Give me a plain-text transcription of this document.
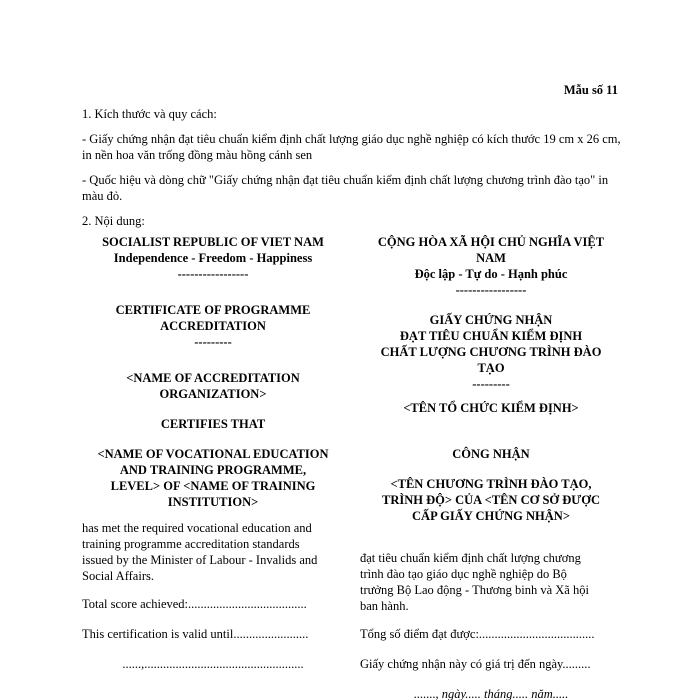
Mẫu số 11

1. Kích thước và quy cách:

- Giấy chứng nhận đạt tiêu chuẩn kiểm định chất lượng giáo dục nghề nghiệp có kích thước 19 cm x 26 cm, in nền hoa văn trống đồng màu hồng cánh sen

- Quốc hiệu và dòng chữ "Giấy chứng nhận đạt tiêu chuẩn kiểm định chất lượng chương trình đào tạo" in màu đỏ.

2. Nội dung:

SOCIALIST REPUBLIC OF VIET NAM
Independence - Freedom - Happiness
-----------------
CERTIFICATE OF PROGRAMME
ACCREDITATION
---------
<NAME OF ACCREDITATION
ORGANIZATION>
CERTIFIES THAT
<NAME OF VOCATIONAL EDUCATION
AND TRAINING PROGRAMME,
LEVEL> OF <NAME OF TRAINING
INSTITUTION>
has met the required vocational education and
training programme accreditation standards
issued by the Minister of Labour - Invalids and
Social Affairs.
Total score achieved:......................................
This certification is valid until........................
......,...................................................
CỘNG HÒA XÃ HỘI CHỦ NGHĨA VIỆT
NAM
Độc lập - Tự do - Hạnh phúc
-----------------
GIẤY CHỨNG NHẬN
ĐẠT TIÊU CHUẨN KIỂM ĐỊNH
CHẤT LƯỢNG CHƯƠNG TRÌNH ĐÀO
TẠO
---------
<TÊN TỔ CHỨC KIỂM ĐỊNH>
CÔNG NHẬN
<TÊN CHƯƠNG TRÌNH ĐÀO TẠO,
TRÌNH ĐỘ> CỦA <TÊN CƠ SỞ ĐƯỢC
CẤP GIẤY CHỨNG NHẬN>
đạt tiêu chuẩn kiểm định chất lượng chương
trình đào tạo giáo dục nghề nghiệp do Bộ
trưởng Bộ Lao động - Thương binh và Xã hội
ban hành.
Tổng số điểm đạt được:.....................................
Giấy chứng nhận này có giá trị đến ngày.........
......., ngày..... tháng..... năm.....
